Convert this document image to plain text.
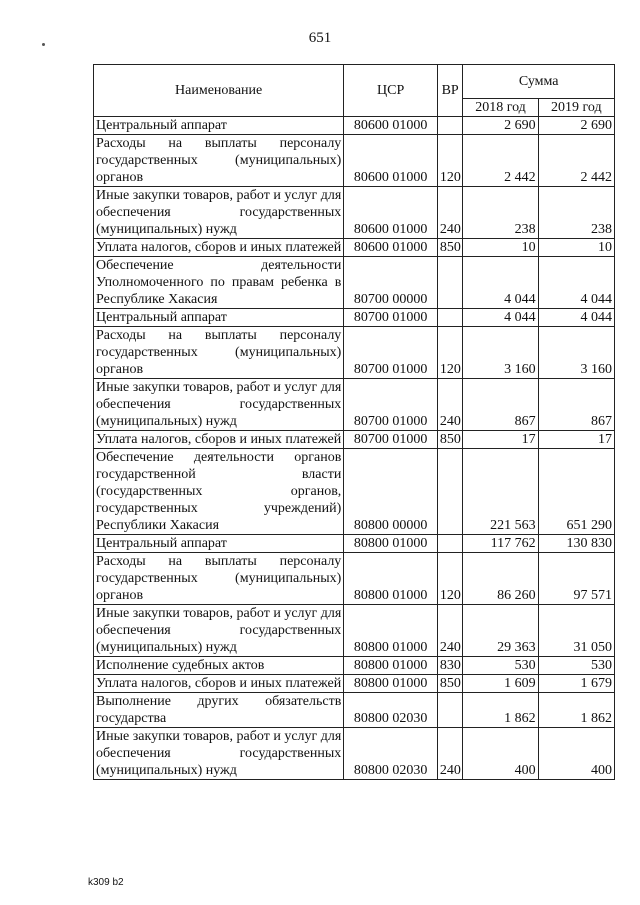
651
Наименование	ЦСР	ВР	Сумма	
			2018 год	2019 год
Центральный аппарат	80600 01000		2 690	2 690
Расходы на выплаты персоналу государственных (муниципальных) органов	80600 01000	120	2 442	2 442
Иные закупки товаров, работ и услуг для обеспечения государственных (муниципальных) нужд	80600 01000	240	238	238
Уплата налогов, сборов и иных платежей	80600 01000	850	10	10
Обеспечение деятельности Уполномоченного по правам ребенка в Республике Хакасия	80700 00000		4 044	4 044
Центральный аппарат	80700 01000		4 044	4 044
Расходы на выплаты персоналу государственных (муниципальных) органов	80700 01000	120	3 160	3 160
Иные закупки товаров, работ и услуг для обеспечения государственных (муниципальных) нужд	80700 01000	240	867	867
Уплата налогов, сборов и иных платежей	80700 01000	850	17	17
Обеспечение деятельности органов государственной власти (государственных органов, государственных учреждений) Республики Хакасия	80800 00000		221 563	651 290
Центральный аппарат	80800 01000		117 762	130 830
Расходы на выплаты персоналу государственных (муниципальных) органов	80800 01000	120	86 260	97 571
Иные закупки товаров, работ и услуг для обеспечения государственных (муниципальных) нужд	80800 01000	240	29 363	31 050
Исполнение судебных актов	80800 01000	830	530	530
Уплата налогов, сборов и иных платежей	80800 01000	850	1 609	1 679
Выполнение других обязательств государства	80800 02030		1 862	1 862
Иные закупки товаров, работ и услуг для обеспечения государственных (муниципальных) нужд	80800 02030	240	400	400
k309 b2
